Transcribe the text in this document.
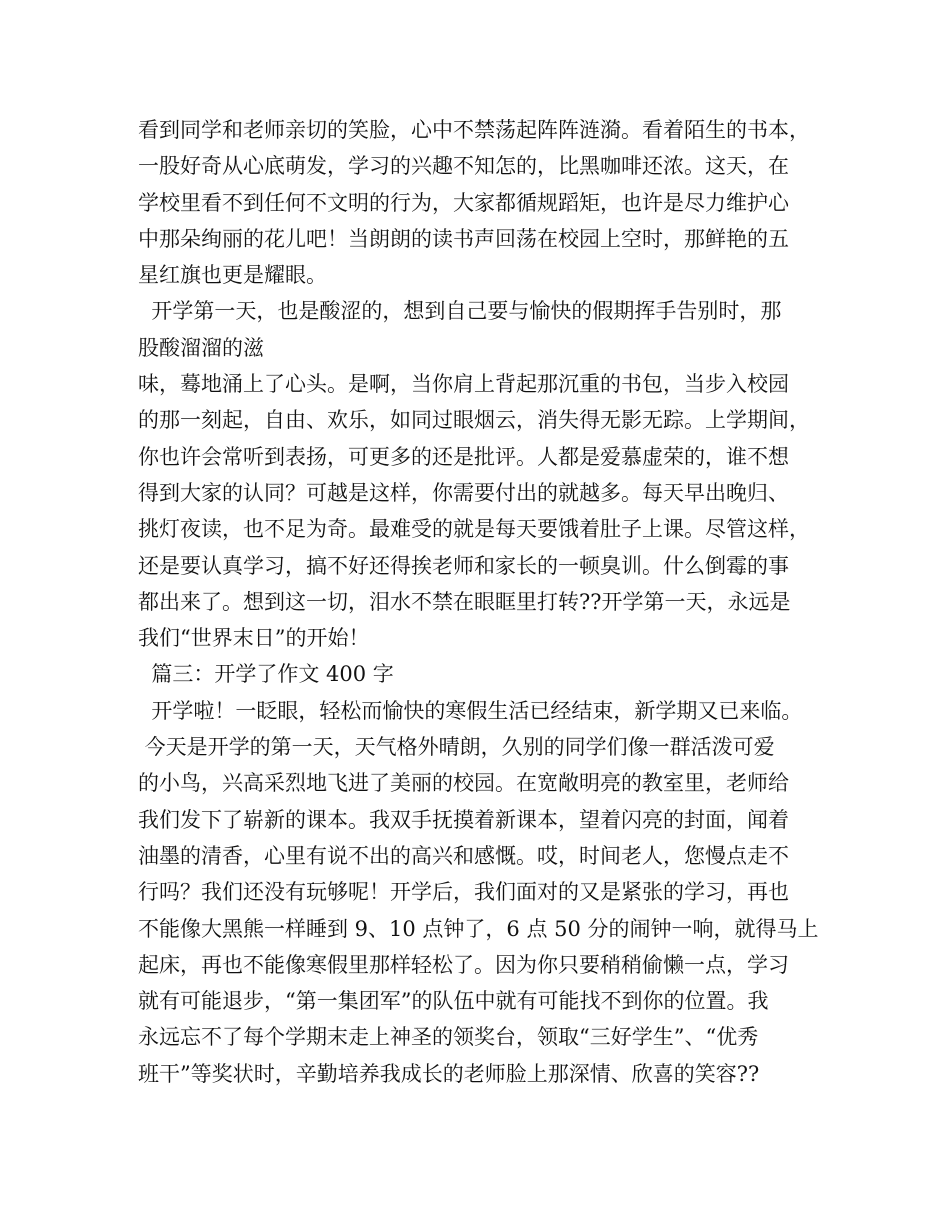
看到同学和老师亲切的笑脸，心中不禁荡起阵阵涟漪。看着陌生的书本，
一股好奇从心底萌发，学习的兴趣不知怎的，比黑咖啡还浓。这天，在
学校里看不到任何不文明的行为，大家都循规蹈矩，也许是尽力维护心
中那朵绚丽的花儿吧！当朗朗的读书声回荡在校园上空时，那鲜艳的五
星红旗也更是耀眼。
开学第一天，也是酸涩的，想到自己要与愉快的假期挥手告别时，那
股酸溜溜的滋
味，蓦地涌上了心头。是啊，当你肩上背起那沉重的书包，当步入校园
的那一刻起，自由、欢乐，如同过眼烟云，消失得无影无踪。上学期间，
你也许会常听到表扬，可更多的还是批评。人都是爱慕虚荣的，谁不想
得到大家的认同？可越是这样，你需要付出的就越多。每天早出晚归、
挑灯夜读，也不足为奇。最难受的就是每天要饿着肚子上课。尽管这样，
还是要认真学习，搞不好还得挨老师和家长的一顿臭训。什么倒霉的事
都出来了。想到这一切，泪水不禁在眼眶里打转??开学第一天，永远是
我们“世界末日”的开始！
篇三：开学了作文 400 字
开学啦！一眨眼，轻松而愉快的寒假生活已经结束，新学期又已来临。
今天是开学的第一天，天气格外晴朗，久别的同学们像一群活泼可爱
的小鸟，兴高采烈地飞进了美丽的校园。在宽敞明亮的教室里，老师给
我们发下了崭新的课本。我双手抚摸着新课本，望着闪亮的封面，闻着
油墨的清香，心里有说不出的高兴和感慨。哎，时间老人，您慢点走不
行吗？我们还没有玩够呢！开学后，我们面对的又是紧张的学习，再也
不能像大黑熊一样睡到 9、10 点钟了，6 点 50 分的闹钟一响，就得马上
起床，再也不能像寒假里那样轻松了。因为你只要稍稍偷懒一点，学习
就有可能退步，“第一集团军”的队伍中就有可能找不到你的位置。我
永远忘不了每个学期末走上神圣的领奖台，领取“三好学生”、“优秀
班干”等奖状时，辛勤培养我成长的老师脸上那深情、欣喜的笑容??
